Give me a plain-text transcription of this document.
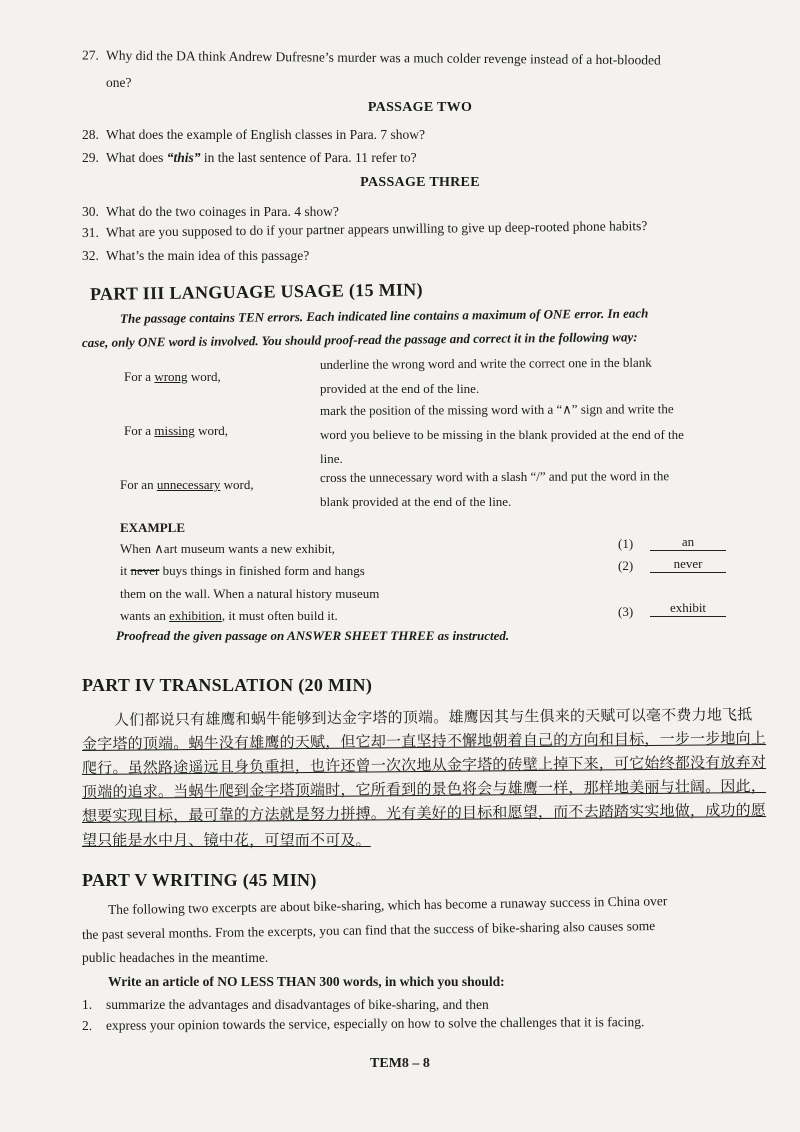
27. Why did the DA think Andrew Dufresne’s murder was a much colder revenge instead of a hot-blooded
one?
PASSAGE TWO
28. What does the example of English classes in Para. 7 show?
29. What does “this” in the last sentence of Para. 11 refer to?
PASSAGE THREE
30. What do the two coinages in Para. 4 show?
31. What are you supposed to do if your partner appears unwilling to give up deep-rooted phone habits?
32. What’s the main idea of this passage?
PART III LANGUAGE USAGE (15 MIN)
The passage contains TEN errors. Each indicated line contains a maximum of ONE error. In each
case, only ONE word is involved. You should proof-read the passage and correct it in the following way:
For a wrong word,
underline the wrong word and write the correct one in the blank
provided at the end of the line.
For a missing word,
mark the position of the missing word with a “∧” sign and write the
word you believe to be missing in the blank provided at the end of the
line.
For an unnecessary word,	cross the unnecessary word with a slash “/” and put the word in the
blank provided at the end of the line.
EXAMPLE
When ∧art museum wants a new exhibit,
it never buys things in finished form and hangs
them on the wall. When a natural history museum
wants an exhibition, it must often build it.
(1)	an
(2)	never
(3)	exhibit
Proofread the given passage on ANSWER SHEET THREE as instructed.
PART IV TRANSLATION (20 MIN)
人们都说只有雄鹰和蜗牛能够到达金字塔的顶端。雄鹰因其与生俱来的天赋可以毫不费力地飞抵
金字塔的顶端。蜗牛没有雄鹰的天赋，但它却一直坚持不懈地朝着自己的方向和目标，一步一步地向上
爬行。虽然路途遥远且身负重担，也许还曾一次次地从金字塔的砖壁上掉下来，可它始终都没有放弃对
顶端的追求。当蜗牛爬到金字塔顶端时，它所看到的景色将会与雄鹰一样，那样地美丽与壮阔。因此，
想要实现目标，最可靠的方法就是努力拼搏。光有美好的目标和愿望，而不去踏踏实实地做，成功的愿
望只能是水中月、镜中花，可望而不可及。
PART V WRITING (45 MIN)
The following two excerpts are about bike-sharing, which has become a runaway success in China over
the past several months. From the excerpts, you can find that the success of bike-sharing also causes some
public headaches in the meantime.
Write an article of NO LESS THAN 300 words, in which you should:
1. summarize the advantages and disadvantages of bike-sharing, and then
2. express your opinion towards the service, especially on how to solve the challenges that it is facing.
TEM8 – 8
